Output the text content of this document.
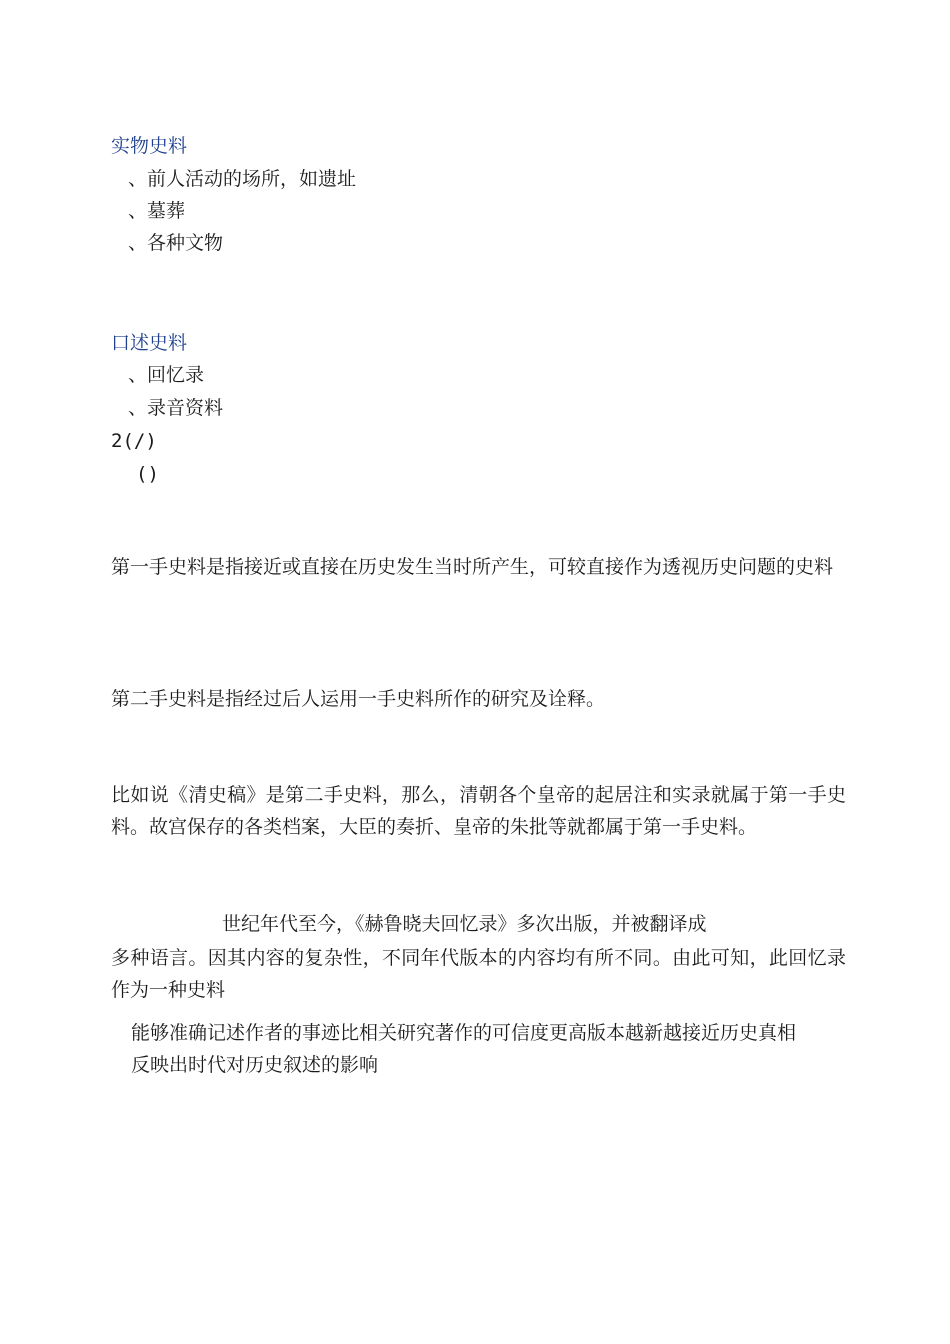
实物史料
、前人活动的场所，如遗址
、墓葬
、各种文物
口述史料
、回忆录
、录音资料
2(/)
()

第一手史料是指接近或直接在历史发生当时所产生，可较直接作为透视历史问题的史料

第二手史料是指经过后人运用一手史料所作的研究及诠释。

比如说《清史稿》是第二手史料，那么，清朝各个皇帝的起居注和实录就属于第一手史料。故宫保存的各类档案，大臣的奏折、皇帝的朱批等就都属于第一手史料。

世纪年代至今，《赫鲁晓夫回忆录》多次出版，并被翻译成

多种语言。因其内容的复杂性，不同年代版本的内容均有所不同。由此可知，此回忆录作为一种史料

能够准确记述作者的事迹比相关研究著作的可信度更高版本越新越接近历史真相
反映出时代对历史叙述的影响
